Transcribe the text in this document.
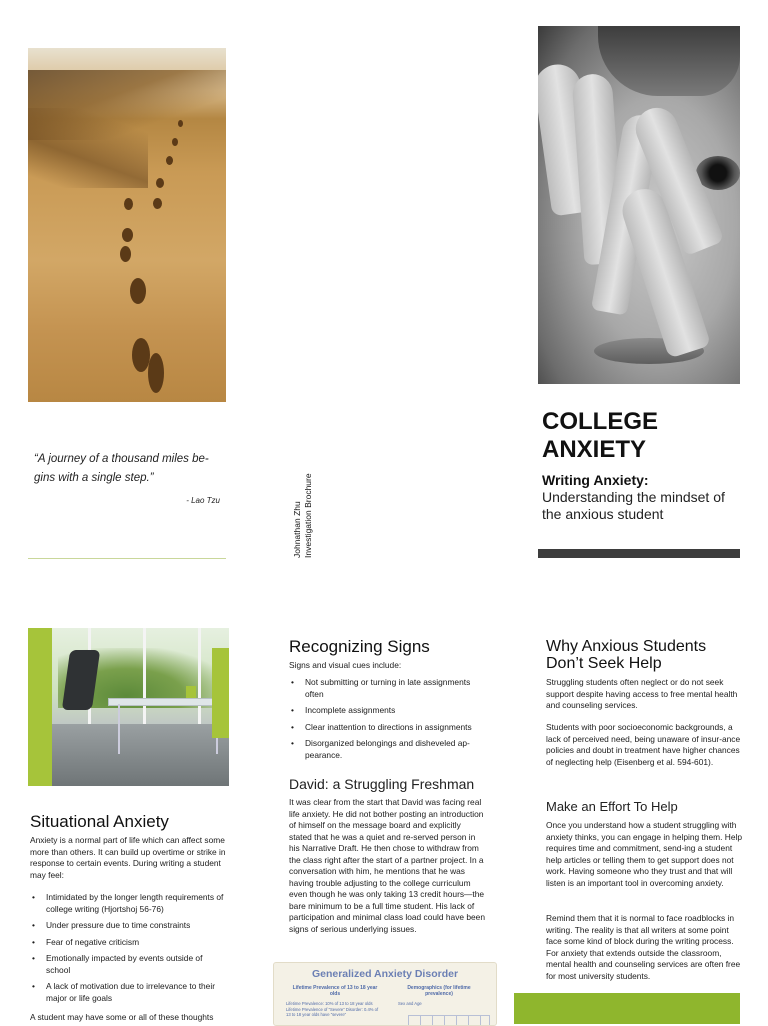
“A journey of a thousand miles be-gins with a single step.”
- Lao Tzu
Johnathan Zhu Investigation Brochure
COLLEGE ANXIETY
Writing Anxiety:
Understanding the mindset of the anxious student
Situational Anxiety
Anxiety is a normal part of life which can affect some more than others. It can build up overtime or strike in response to certain events. During writing a student may feel:
• Intimidated by the longer length requirements of college writing (Hjortshoj 56-76)
• Under pressure due to time constraints
• Fear of negative criticism
• Emotionally impacted by events outside of school
• A lack of motivation due to irrelevance to their major or life goals
A student may have some or all of these thoughts
Recognizing Signs
Signs and visual cues include:
• Not submitting or turning in late assignments often
• Incomplete assignments
• Clear inattention to directions in assignments
• Disorganized belongings and disheveled ap-pearance.
David: a Struggling Freshman
It was clear from the start that David was facing real life anxiety. He did not bother posting an introduction of himself on the message board and explicitly stated that he was a quiet and re-served person in his Narrative Draft. He then chose to withdraw from the class right after the start of a partner project. In a conversation with him, he mentions that he was having trouble adjusting to the college curriculum even though he was only taking 13 credit hours—the bare minimum to be a full time student. His lack of participation and minimal class load could have been signs of serious underlying issues.
Generalized Anxiety Disorder
Lifetime Prevalence of 13 to 18 year olds
Demographics (for lifetime prevalence)
Lifetime Prevalence: 10% of 13 to 18 year olds
Lifetime Prevalence of “Severe” Disorder: 0.4% of 13 to 18 year olds have “severe”
Sex and Age
Why Anxious Students Don’t Seek Help
Struggling students often neglect or do not seek support despite having access to free mental health and counseling services.
Students with poor socioeconomic backgrounds, a lack of perceived need, being unaware of insur-ance policies and doubt in treatment have higher chances of neglecting help (Eisenberg et al. 594-601).
Make an Effort To Help
Once you understand how a student struggling with anxiety thinks, you can engage in helping them. Help requires time and commitment, send-ing a student help articles or telling them to get support does not work. Having someone who they trust and that will listen is an important tool in overcoming anxiety.
Remind them that it is normal to face roadblocks in writing. The reality is that all writers at some point face some kind of block during the writing process. For anxiety that extends outside the classroom, mental health and counseling services are often free for most university students.
